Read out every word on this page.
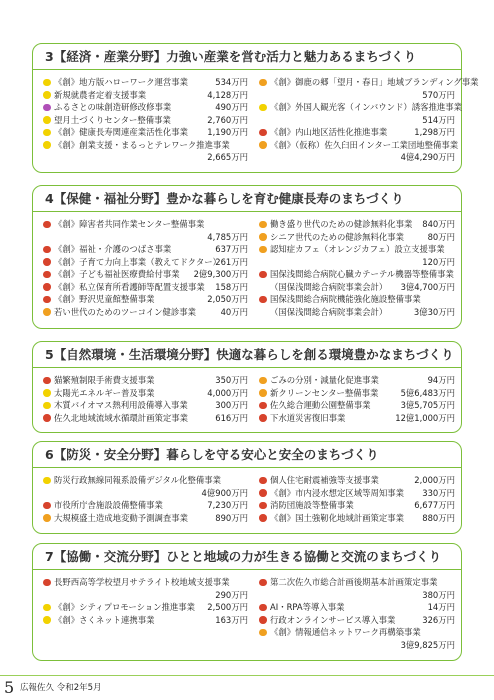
3【経済・産業分野】力強い産業を営む活力と魅力あるまちづくり
《創》地方版ハローワーク運営事業	534万円
新規就農者定着支援事業	4,128万円
ふるさとの味創造研修改修事業	490万円
望月土づくりセンター整備事業	2,760万円
《創》健康長寿関連産業活性化事業 1,190万円
《創》創業支援・まるっとテレワーク推進事業
2,665万円
《創》御鹿の郷「望月・春日」地域ブランディング事業
570万円
《創》外国人観光客（インバウンド）誘客推進事業
514万円
《創》内山地区活性化推進事業	1,298万円
《創》（仮称）佐久臼田インター工業団地整備事業
4億4,290万円
4【保健・福祉分野】豊かな暮らしを育む健康長寿のまちづくり
《創》障害者共同作業センター整備事業
4,785万円
《創》福祉・介護のつばさ事業	637万円
《創》子育て力向上事業（教えてドクター）
261万円
《創》子ども福祉医療費給付事業 2億9,300万円
《創》私立保育所看護師等配置支援事業 158万円
《創》野沢児童館整備事業	2,050万円
若い世代のためのツーコイン健診事業	40万円
働き盛り世代のための健診無料化事業 840万円
シニア世代のための健診無料化事業	80万円
認知症カフェ（オレンジカフェ）設立支援事業
120万円
国保浅間総合病院心臓カテーテル機器等整備事業
（国保浅間総合病院事業会計） 3億4,700万円
国保浅間総合病院機能強化施設整備事業
（国保浅間総合病院事業会計）	3億30万円
5【自然環境・生活環境分野】快適な暮らしを創る環境豊かなまちづくり
猫繁殖制限手術費支援事業	350万円
太陽光エネルギー普及事業	4,000万円
木質バイオマス熱利用設備導入事業	300万円
佐久北地域流域水循環計画策定事業	616万円
ごみの分別・減量化促進事業	94万円
新クリーンセンター整備事業	5億6,483万円
佐久総合運動公園整備事業	3億5,705万円
下水道災害復旧事業	12億1,000万円
6【防災・安全分野】暮らしを守る安心と安全のまちづくり
防災行政無線同報系設備デジタル化整備事業
4億900万円
市役所庁舎施設設備整備事業	7,230万円
大規模盛土造成地変動予測調査事業	890万円
個人住宅耐震補強等支援事業	2,000万円
《創》市内浸水想定区域等周知事業 330万円
消防団施設等整備事業	6,677万円
《創》国土強靭化地域計画策定事業 880万円
7【協働・交流分野】ひとと地域の力が生きる協働と交流のまちづくり
長野西高等学校望月サテライト校地域支援事業
290万円
《創》シティプロモーション推進事業 2,500万円
《創》さくネット連携事業	163万円
第二次佐久市総合計画後期基本計画策定事業
380万円
AI・RPA等導入事業	14万円
行政オンラインサービス導入事業	326万円
《創》情報通信ネットワーク再構築事業
3億9,825万円
5 広報佐久 令和2年5月
